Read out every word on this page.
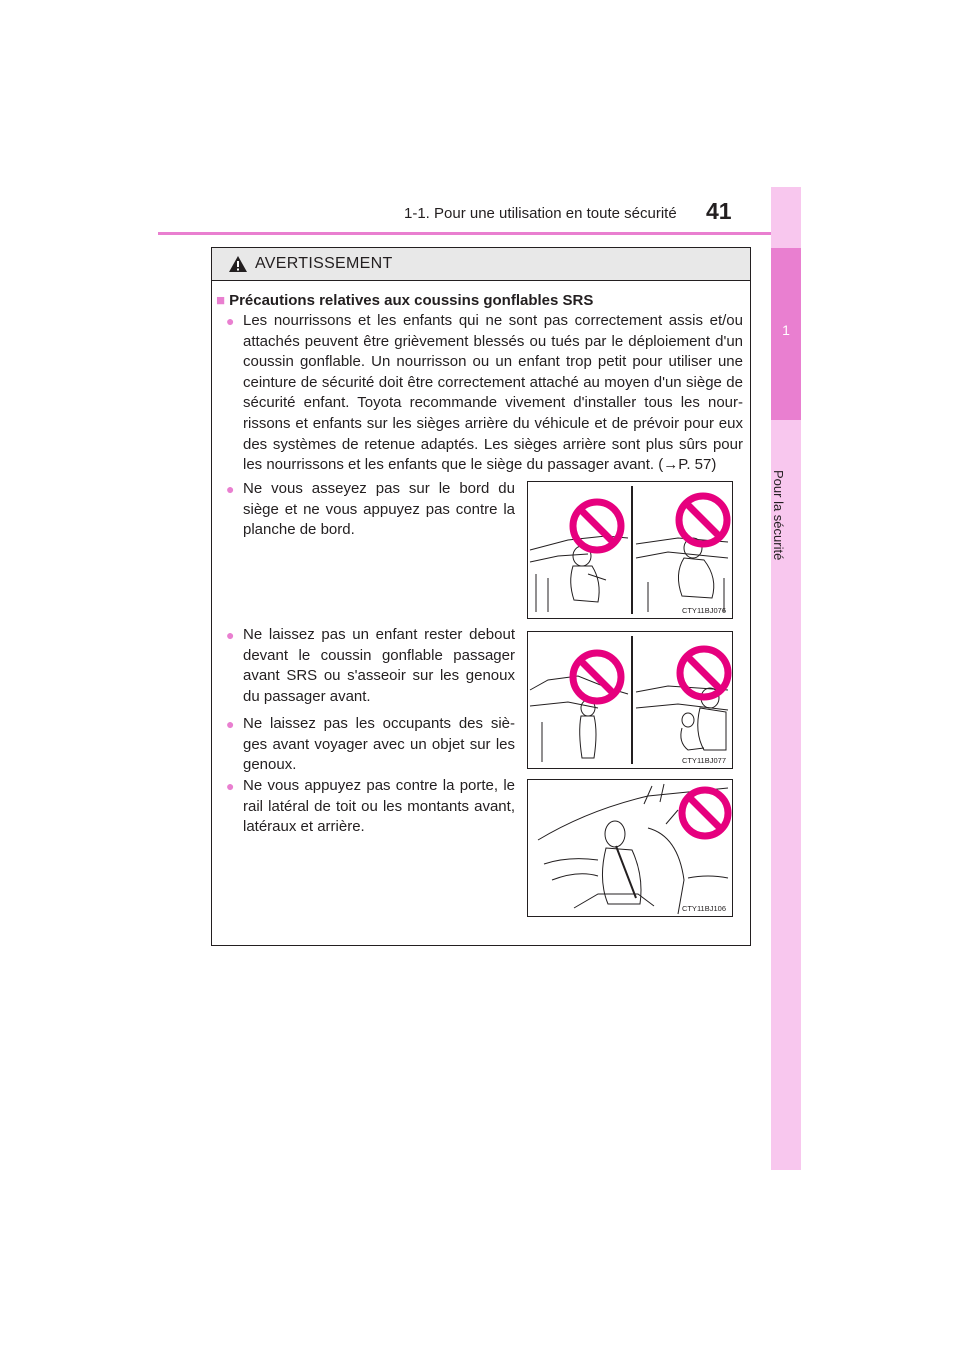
1-1. Pour une utilisation en toute sécurité 41
1
Pour la sécurité
AVERTISSEMENT
■ Précautions relatives aux coussins gonflables SRS
● Les nourrissons et les enfants qui ne sont pas correctement assis et/ou attachés peuvent être grièvement blessés ou tués par le déploiement d'un coussin gonflable. Un nourrisson ou un enfant trop petit pour utiliser une ceinture de sécurité doit être correctement attaché au moyen d'un siège de sécurité enfant. Toyota recommande vivement d'installer tous les nour-rissons et enfants sur les sièges arrière du véhicule et de prévoir pour eux des systèmes de retenue adaptés. Les sièges arrière sont plus sûrs pour les nourrissons et les enfants que le siège du passager avant. (→P. 57)
● Ne vous asseyez pas sur le bord du siège et ne vous appuyez pas contre la planche de bord.
● Ne laissez pas un enfant rester debout devant le coussin gonflable passager avant SRS ou s'asseoir sur les genoux du passager avant.
● Ne laissez pas les occupants des siè-ges avant voyager avec un objet sur les genoux.
● Ne vous appuyez pas contre la porte, le rail latéral de toit ou les montants avant, latéraux et arrière.
CTY11BJ076
CTY11BJ077
CTY11BJ106
